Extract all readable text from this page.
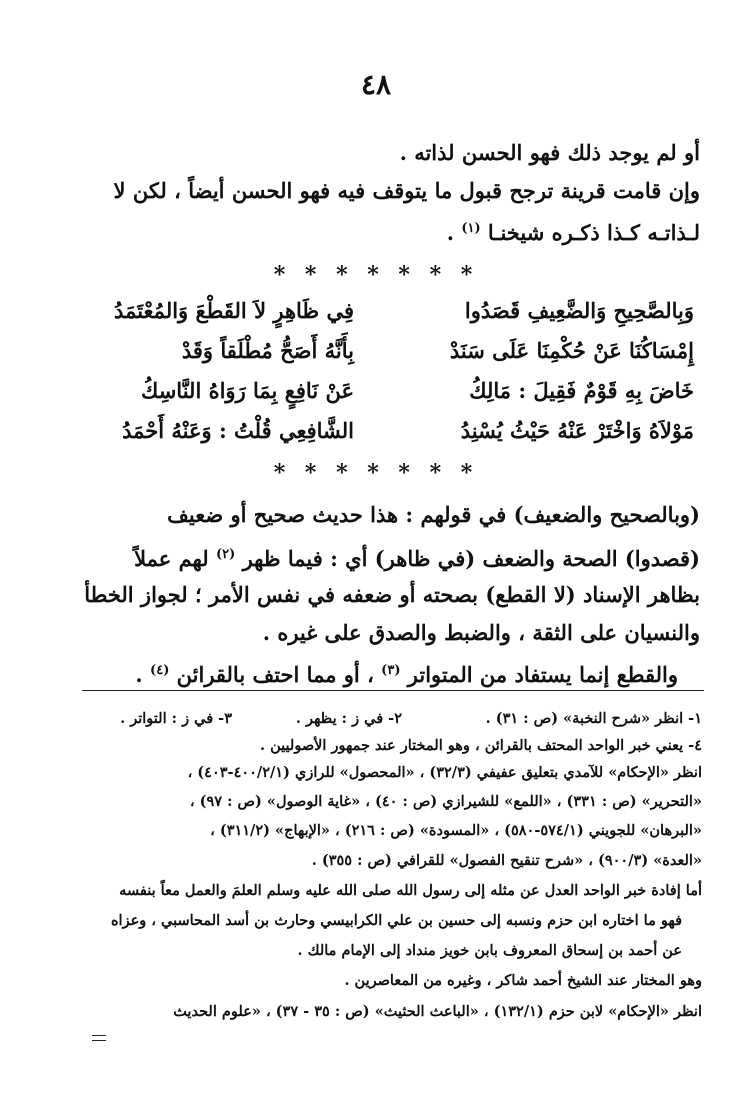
٤٨
أو لم يوجد ذلك فهو الحسن لذاته .
وإن قامت قرينة ترجح قبول ما يتوقف فيه فهو الحسن أيضاً ، لكن لا
لـذاتـه كـذا ذكـره شيخنـا $^{(١)}$ .
* * * * * * *
وَبِالصَّحِيحِ وَالضَّعِيفِ قَصَدُوا
فِي ظَاهِرٍ لاَ القَطْعَ وَالمُعْتَمَدُ
إِمْسَاكُنَا عَنْ حُكْمِنَا عَلَى سَنَدْ
بِأَنَّهُ أَصَحُّ مُطْلَقاً وَقَدْ
خَاضَ بِهِ قَوْمٌ فَقِيلَ : مَالِكُ
عَنْ نَافِعٍ بِمَا رَوَاهُ النَّاسِكُ
مَوْلاَهُ وَاخْتَرْ عَنْهُ حَيْثُ يُسْنِدُ
الشَّافِعِي قُلْتُ : وَعَنْهُ أَحْمَدُ
* * * * * * *
(وبالصحيح والضعيف) في قولهم : هذا حديث صحيح أو ضعيف
(قصدوا) الصحة والضعف (في ظاهر) أي : فيما ظهر $^{(٢)}$ لهم عملاً
بظاهر الإسناد (لا القطع) بصحته أو ضعفه في نفس الأمر ؛ لجواز الخطأ
والنسيان على الثقة ، والضبط والصدق على غيره .
والقطع إنما يستفاد من المتواتر $^{(٣)}$ ، أو مما احتف بالقرائن $^{(٤)}$ .
١- انظر «شرح النخبة» (ص : ٣١) .
٢- في ز : يظهر .
٣- في ز : التواتر .
٤- يعني خبر الواحد المحتف بالقرائن ، وهو المختار عند جمهور الأصوليين .
انظر «الإحكام» للآمدي بتعليق عفيفي (٣٢/٣) ، «المحصول» للرازي (٤٠٠/٢/١-٤٠٣) ،
«التحرير» (ص : ٣٣١) ، «اللمع» للشيرازي (ص : ٤٠) ، «غاية الوصول» (ص : ٩٧) ،
«البرهان» للجويني (٥٧٤/١-٥٨٠) ، «المسودة» (ص : ٢١٦) ، «الإبهاج» (٣١١/٢) ،
«العدة» (٩٠٠/٣) ، «شرح تنقيح الفصول» للقرافي (ص : ٣٥٥) .
أما إفادة خبر الواحد العدل عن مثله إلى رسول الله صلى الله عليه وسلم العلمَ والعمل معاً بنفسه
فهو ما اختاره ابن حزم ونسبه إلى حسين بن علي الكرابيسي وحارث بن أسد المحاسبي ، وعزاه
عن أحمد بن إسحاق المعروف بابن خويز منداد إلى الإمام مالك .
وهو المختار عند الشيخ أحمد شاكر ، وغيره من المعاصرين .
انظر «الإحكام» لابن حزم (١٣٢/١) ، «الباعث الحثيث» (ص : ٣٥ - ٣٧) ، «علوم الحديث
